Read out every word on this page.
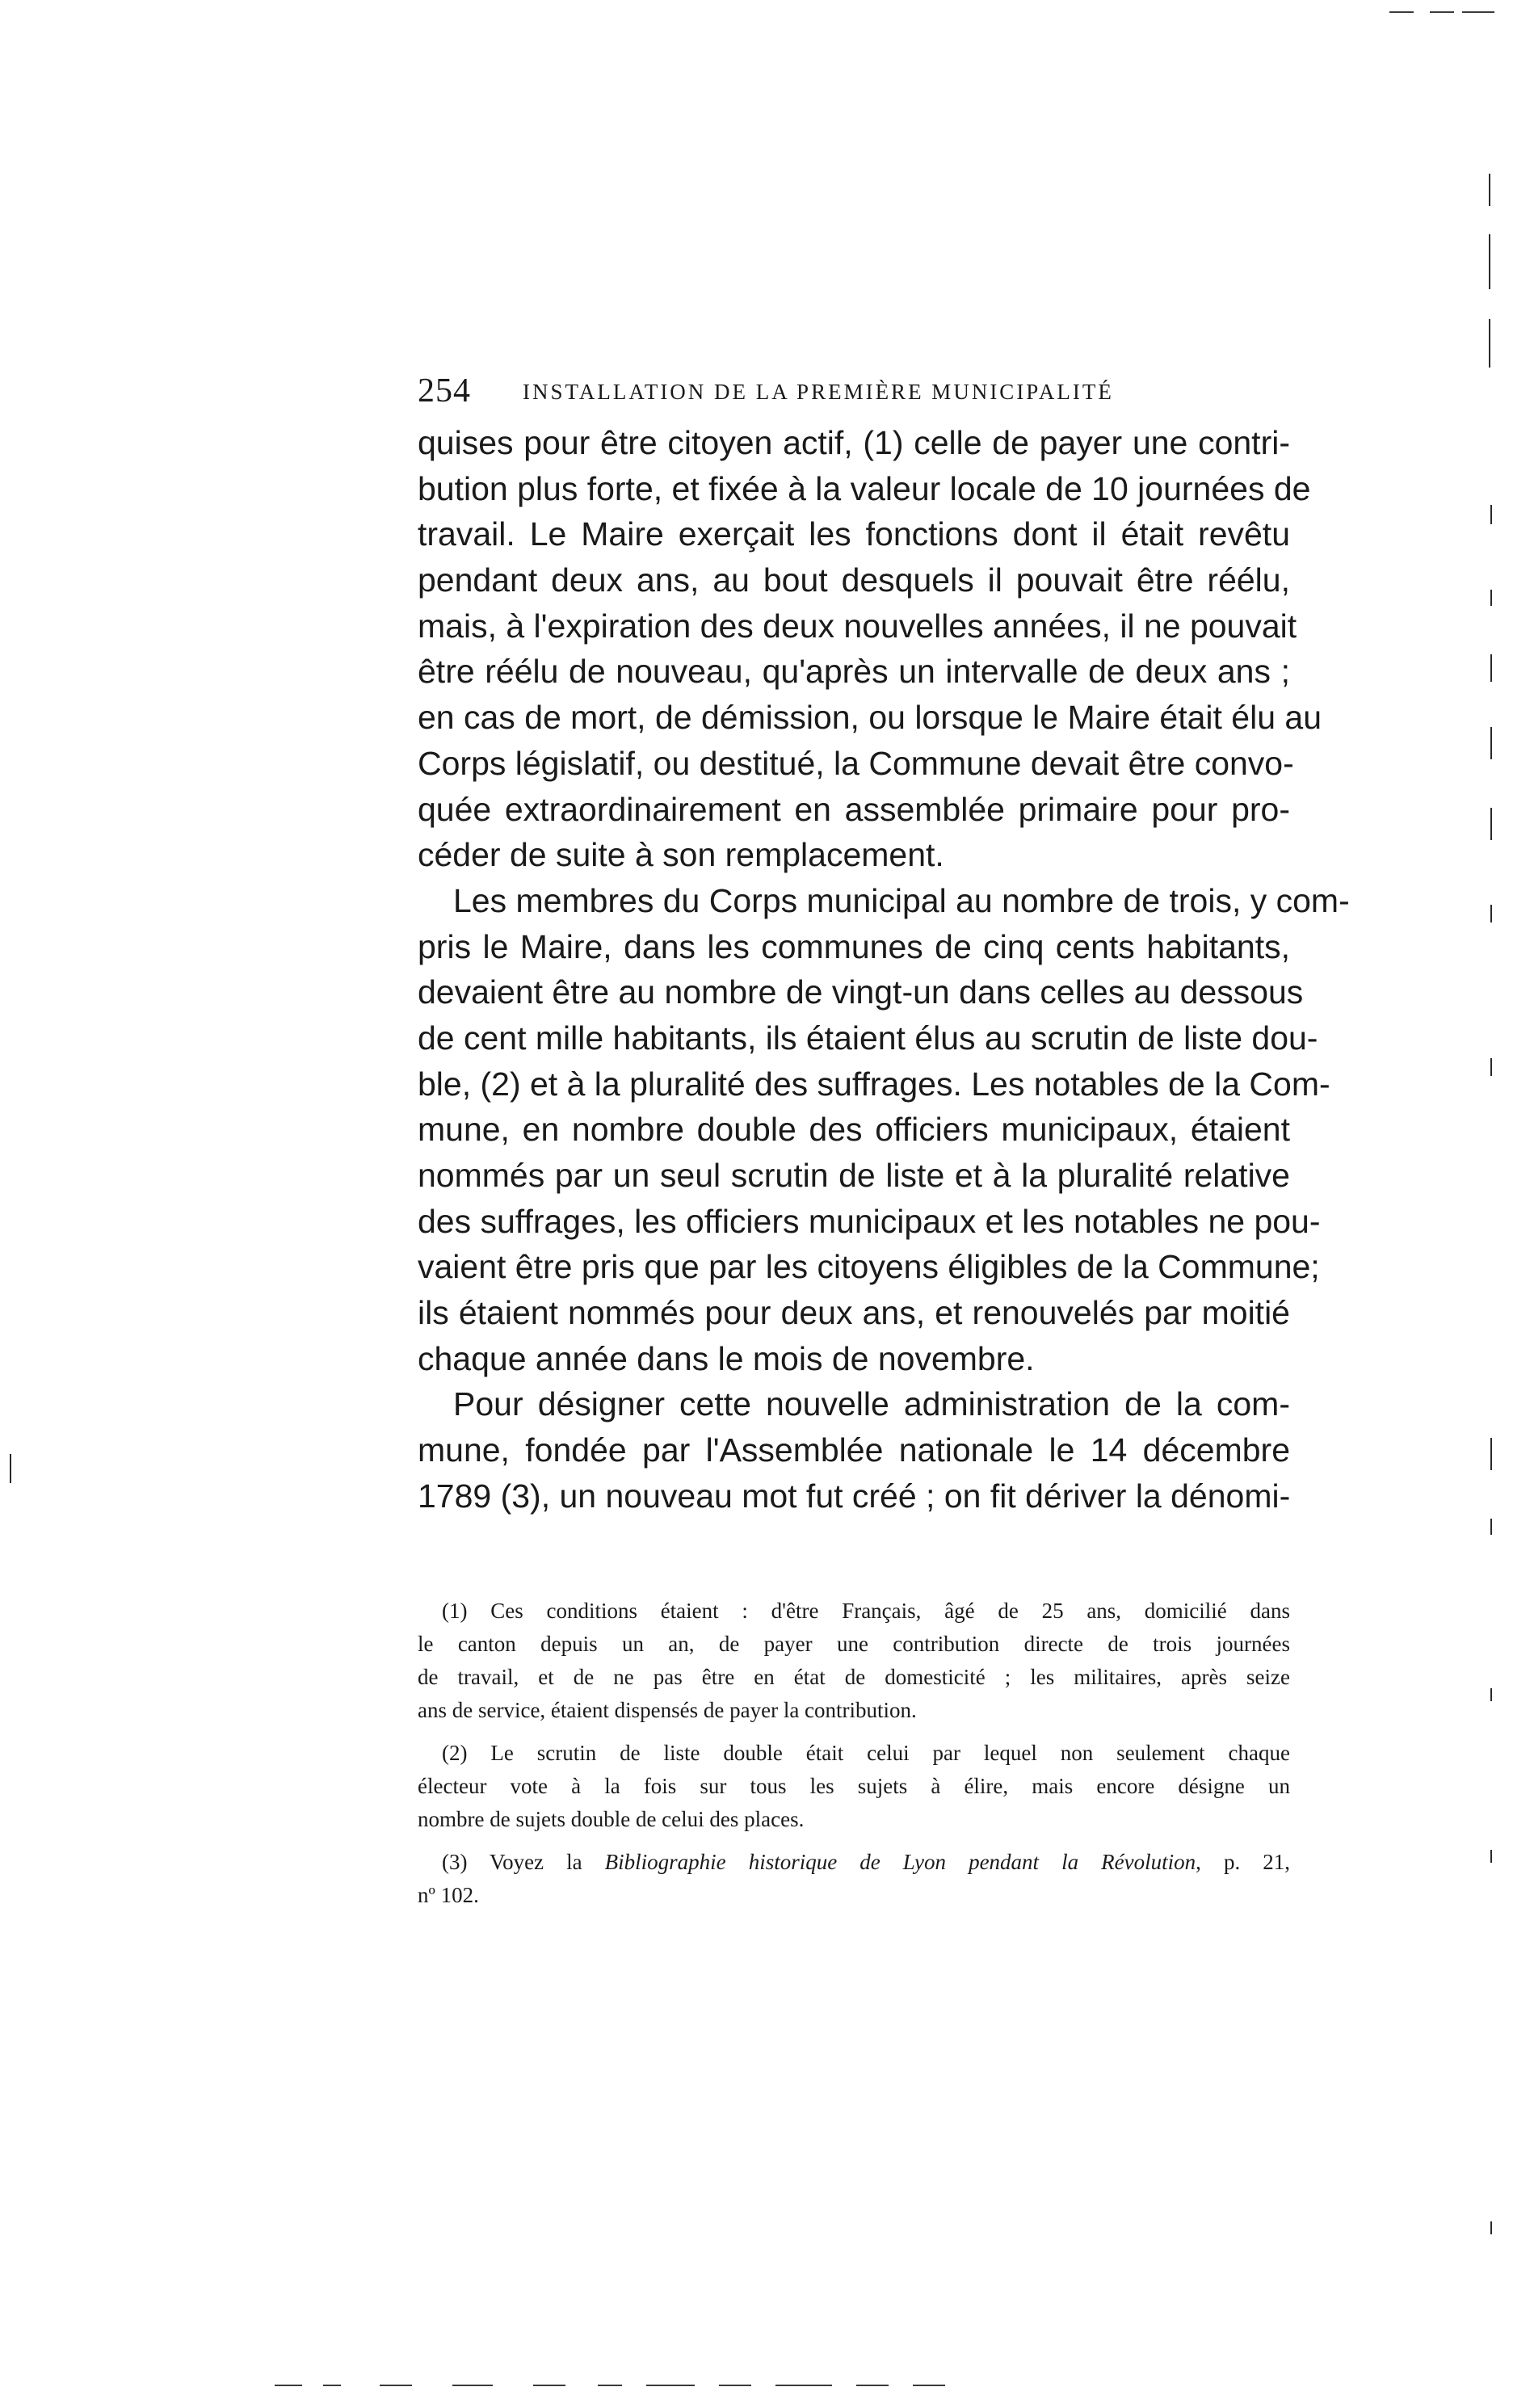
254 INSTALLATION DE LA PREMIÈRE MUNICIPALITÉ
quises pour être citoyen actif, (1) celle de payer une contri-
bution plus forte, et fixée à la valeur locale de 10 journées de
travail. Le Maire exerçait les fonctions dont il était revêtu
pendant deux ans, au bout desquels il pouvait être réélu,
mais, à l'expiration des deux nouvelles années, il ne pouvait
être réélu de nouveau, qu'après un intervalle de deux ans ;
en cas de mort, de démission, ou lorsque le Maire était élu au
Corps législatif, ou destitué, la Commune devait être convo-
quée extraordinairement en assemblée primaire pour pro-
céder de suite à son remplacement.
Les membres du Corps municipal au nombre de trois, y com-
pris le Maire, dans les communes de cinq cents habitants,
devaient être au nombre de vingt-un dans celles au dessous
de cent mille habitants, ils étaient élus au scrutin de liste dou-
ble, (2) et à la pluralité des suffrages. Les notables de la Com-
mune, en nombre double des officiers municipaux, étaient
nommés par un seul scrutin de liste et à la pluralité relative
des suffrages, les officiers municipaux et les notables ne pou-
vaient être pris que par les citoyens éligibles de la Commune;
ils étaient nommés pour deux ans, et renouvelés par moitié
chaque année dans le mois de novembre.
Pour désigner cette nouvelle administration de la com-
mune, fondée par l'Assemblée nationale le 14 décembre
1789 (3), un nouveau mot fut créé ; on fit dériver la dénomi-
(1) Ces conditions étaient : d'être Français, âgé de 25 ans, domicilié dans
le canton depuis un an, de payer une contribution directe de trois journées
de travail, et de ne pas être en état de domesticité ; les militaires, après seize
ans de service, étaient dispensés de payer la contribution.
(2) Le scrutin de liste double était celui par lequel non seulement chaque
électeur vote à la fois sur tous les sujets à élire, mais encore désigne un
nombre de sujets double de celui des places.
(3) Voyez la Bibliographie historique de Lyon pendant la Révolution, p. 21,
nº 102.
